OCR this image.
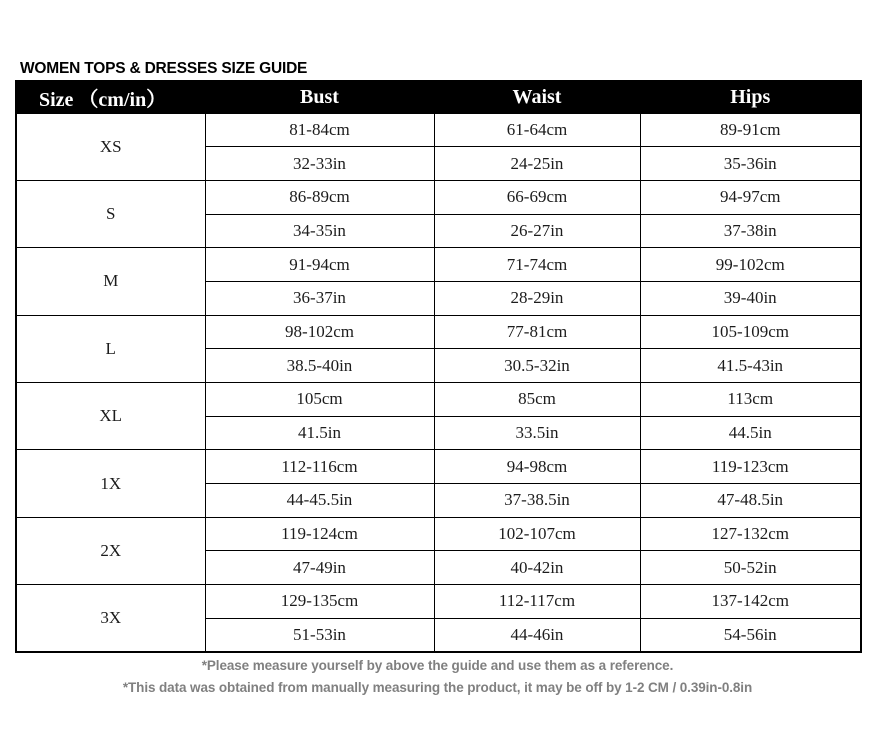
WOMEN TOPS & DRESSES SIZE GUIDE
Size （cm/in）	Bust	Waist	Hips
XS	81-84cm	61-64cm	89-91cm
	32-33in	24-25in	35-36in
S	86-89cm	66-69cm	94-97cm
	34-35in	26-27in	37-38in
M	91-94cm	71-74cm	99-102cm
	36-37in	28-29in	39-40in
L	98-102cm	77-81cm	105-109cm
	38.5-40in	30.5-32in	41.5-43in
XL	105cm	85cm	113cm
	41.5in	33.5in	44.5in
1X	112-116cm	94-98cm	119-123cm
	44-45.5in	37-38.5in	47-48.5in
2X	119-124cm	102-107cm	127-132cm
	47-49in	40-42in	50-52in
3X	129-135cm	112-117cm	137-142cm
	51-53in	44-46in	54-56in
*Please measure yourself by above the guide and use them as a reference.
*This data was obtained from manually measuring the product, it may be off by 1-2 CM / 0.39in-0.8in
